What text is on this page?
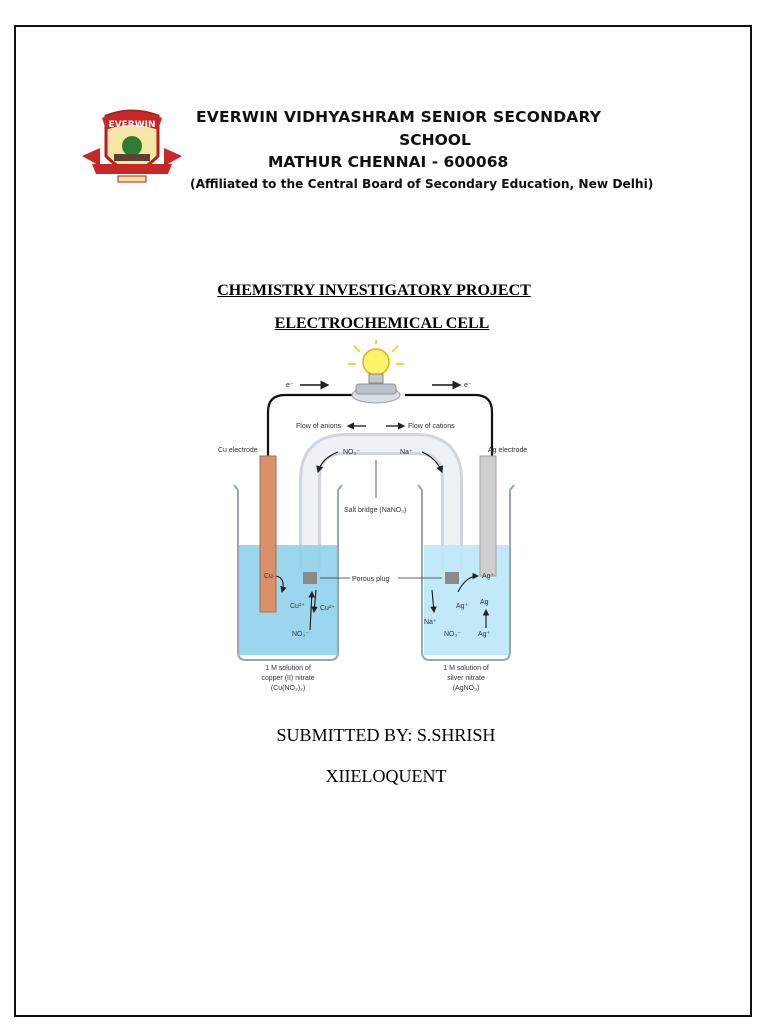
EVERWIN	EVERWIN VIDHYASHRAM SENIOR SECONDARY
SCHOOL
MATHUR CHENNAI - 600068
(Affiliated to the Central Board of Secondary Education, New Delhi)
CHEMISTRY INVESTIGATORY PROJECT
ELECTROCHEMICAL CELL
e⁻	e⁻
Flow of anions	Flow of cations
NO₃⁻	Na⁺
Salt bridge (NaNO₃)
Cu electrode	Ag electrode
Porous plug
Cu
Cu²⁺ Cu²⁺
NO₃⁻
Ag⁺
Ag⁺
Ag
Ag⁺
Na⁺
NO₃⁻
1 M solution of
copper (II) nitrate
(Cu(NO₃)₂)
1 M solution of
silver nitrate
(AgNO₃)
SUBMITTED BY: S.SHRISH
XIIELOQUENT
